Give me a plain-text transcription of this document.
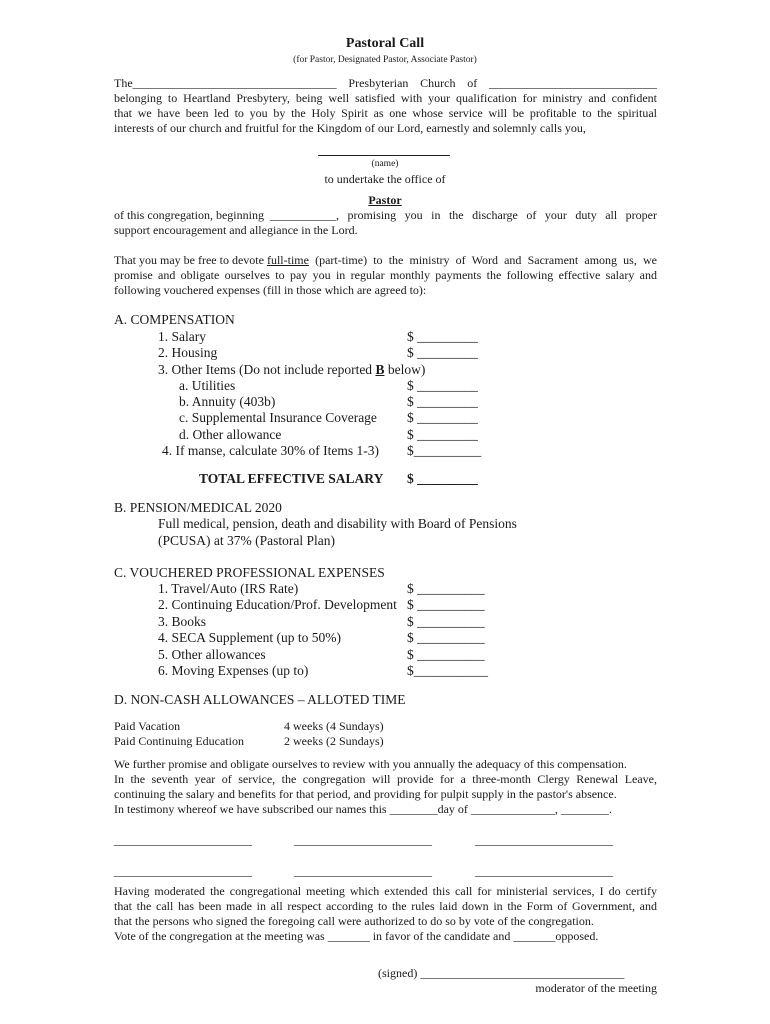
Pastoral Call
(for Pastor, Designated Pastor, Associate Pastor)
The__________________________________ Presbyterian Church of ____________________________
belonging to Heartland Presbytery, being well satisfied with your qualification for ministry and confident
that we have been led to you by the Holy Spirit as one whose service will be profitable to the spiritual
interests of our church and fruitful for the Kingdom of our Lord, earnestly and solemnly calls you,
(name)
to undertake the office of
Pastor
of this congregation, beginning ___________ , promising you in the discharge of your duty all proper
support encouragement and allegiance in the Lord.
That you may be free to devote full-time (part-time) to the ministry of Word and Sacrament among us, we
promise and obligate ourselves to pay you in regular monthly payments the following effective salary and
following vouchered expenses (fill in those which are agreed to):
A. COMPENSATION
1. Salary	$ _________
2. Housing	$ _________
3. Other Items (Do not include reported B below)
a. Utilities	$ _________
b. Annuity (403b)	$ _________
c. Supplemental Insurance Coverage $ _________
d. Other allowance	$ _________
4. If manse, calculate 30% of Items 1-3) $__________
TOTAL EFFECTIVE SALARY $ _________
B. PENSION/MEDICAL 2020
Full medical, pension, death and disability with Board of Pensions
(PCUSA) at 37% (Pastoral Plan)
C. VOUCHERED PROFESSIONAL EXPENSES
1. Travel/Auto (IRS Rate)	$ __________
2. Continuing Education/Prof. Development $ __________
3. Books	$ __________
4. SECA Supplement (up to 50%)	$ __________
5. Other allowances	$ __________
6. Moving Expenses (up to)	$___________
D. NON-CASH ALLOWANCES – ALLOTED TIME
Paid Vacation	4 weeks (4 Sundays)
Paid Continuing Education	2 weeks (2 Sundays)
We further promise and obligate ourselves to review with you annually the adequacy of this compensation.
In the seventh year of service, the congregation will provide for a three-month Clergy Renewal Leave,
continuing the salary and benefits for that period, and providing for pulpit supply in the pastor's absence.
In testimony whereof we have subscribed our names this ________day of ______________, ________.
_______________________	_______________________	_______________________
_______________________	_______________________	_______________________
Having moderated the congregational meeting which extended this call for ministerial services, I do certify
that the call has been made in all respect according to the rules laid down in the Form of Government, and
that the persons who signed the foregoing call were authorized to do so by vote of the congregation.
Vote of the congregation at the meeting was _______ in favor of the candidate and _______opposed.
(signed) __________________________________
moderator of the meeting
